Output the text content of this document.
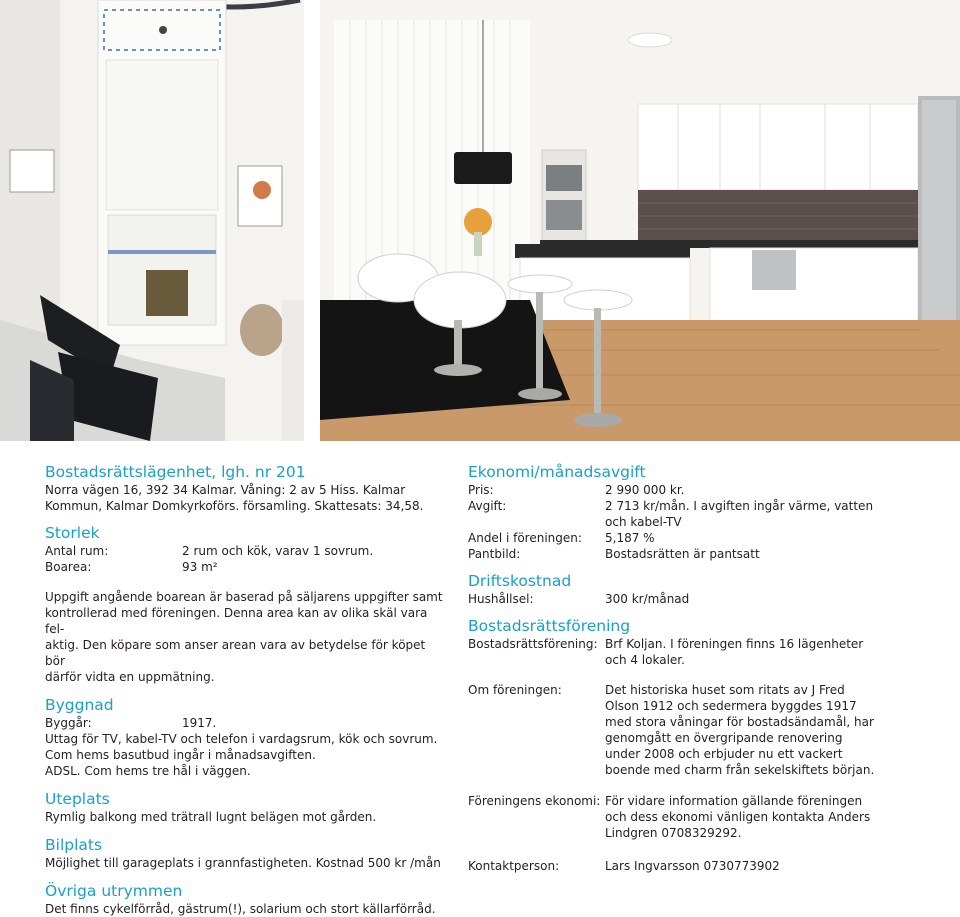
Bostadsrättslägenhet, lgh. nr 201

Norra vägen 16, 392 34 Kalmar. Våning: 2 av 5 Hiss. Kalmar

Kommun, Kalmar Domkyrkoförs. församling. Skattesats: 34,58.

Storlek

Antal rum:	2 rum och kök, varav 1 sovrum.
Boarea:	93 m²

Uppgift angående boarean är baserad på säljarens uppgifter samt

kontrollerad med föreningen. Denna area kan av olika skäl vara fel-

aktig. Den köpare som anser arean vara av betydelse för köpet bör

därför vidta en uppmätning.

Byggnad

Byggår:	1917.

Uttag för TV, kabel-TV och telefon i vardagsrum, kök och sovrum.

Com hems basutbud ingår i månadsavgiften.

ADSL. Com hems tre hål i väggen.

Uteplats

Rymlig balkong med trätrall lugnt belägen mot gården.

Bilplats

Möjlighet till garageplats i grannfastigheten. Kostnad 500 kr /mån

Övriga utrymmen

Det finns cykelförråd, gästrum(!), solarium och stort källarförråd.

Ekonomi/månadsavgift

Pris:	2 990 000 kr.
Avgift:	2 713 kr/mån. I avgiften ingår värme, vatten
och kabel-TV
Andel i föreningen:	5,187 %
Pantbild:	Bostadsrätten är pantsatt

Driftskostnad

Hushållsel:	300 kr/månad

Bostadsrättsförening

Bostadsrättsförening: Brf Koljan. I föreningen finns 16 lägenheter
och 4 lokaler.
Om föreningen:	Det historiska huset som ritats av J Fred
Olson 1912 och sedermera byggdes 1917
med stora våningar för bostadsändamål, har
genomgått en övergripande renovering
under 2008 och erbjuder nu ett vackert
boende med charm från sekelskiftets början.
Föreningens ekonomi: För vidare information gällande föreningen
och dess ekonomi vänligen kontakta Anders
Lindgren 0708329292.
Kontaktperson:	Lars Ingvarsson 0730773902
